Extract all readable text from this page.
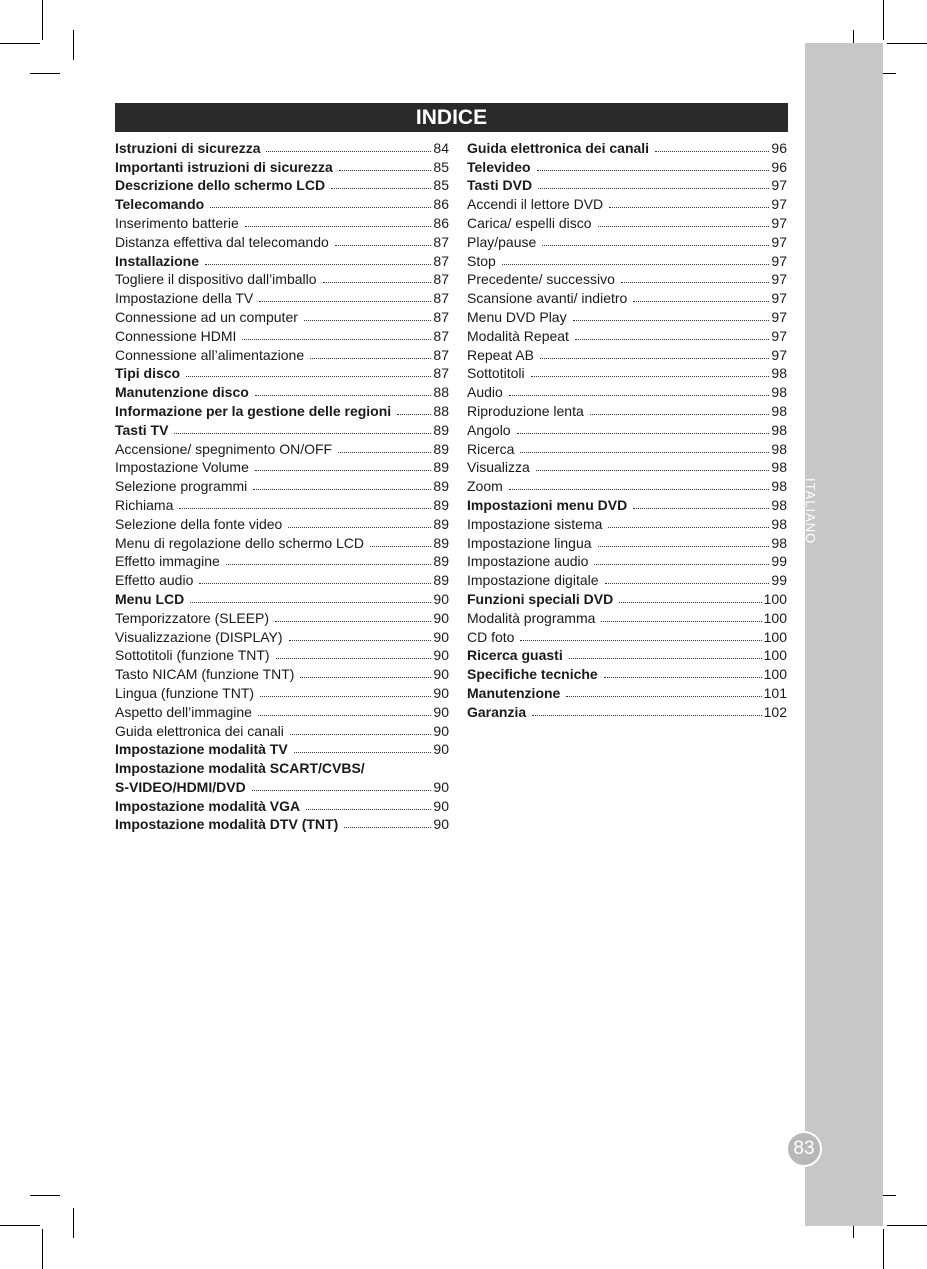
ITALIANO
83
INDICE
Istruzioni di sicurezza	84
Importanti istruzioni di sicurezza	85
Descrizione dello schermo LCD	85
Telecomando	86
Inserimento batterie	86
Distanza effettiva dal telecomando	87
Installazione	87
Togliere il dispositivo dall’imballo	87
Impostazione della TV	87
Connessione ad un computer	87
Connessione HDMI	87
Connessione all’alimentazione	87
Tipi disco	87
Manutenzione disco	88
Informazione per la gestione delle regioni	88
Tasti TV	89
Accensione/ spegnimento ON/OFF	89
Impostazione Volume	89
Selezione programmi	89
Richiama	89
Selezione della fonte video	89
Menu di regolazione dello schermo LCD	89
Effetto immagine	89
Effetto audio	89
Menu LCD	90
Temporizzatore (SLEEP)	90
Visualizzazione (DISPLAY)	90
Sottotitoli (funzione TNT)	90
Tasto NICAM (funzione TNT)	90
Lingua (funzione TNT)	90
Aspetto dell’immagine	90
Guida elettronica dei canali	90
Impostazione modalità TV	90
Impostazione modalità SCART/CVBS/
S-VIDEO/HDMI/DVD	90
Impostazione modalità VGA	90
Impostazione modalità DTV (TNT)	90
Guida elettronica dei canali	96
Televideo	96
Tasti DVD	97
Accendi il lettore DVD	97
Carica/ espelli disco	97
Play/pause	97
Stop	97
Precedente/ successivo	97
Scansione avanti/ indietro	97
Menu DVD Play	97
Modalità Repeat	97
Repeat AB	97
Sottotitoli	98
Audio	98
Riproduzione lenta	98
Angolo	98
Ricerca	98
Visualizza	98
Zoom	98
Impostazioni menu DVD	98
Impostazione sistema	98
Impostazione lingua	98
Impostazione audio	99
Impostazione digitale	99
Funzioni speciali DVD	100
Modalità programma	100
CD foto	100
Ricerca guasti	100
Specifiche tecniche	100
Manutenzione	101
Garanzia	102
